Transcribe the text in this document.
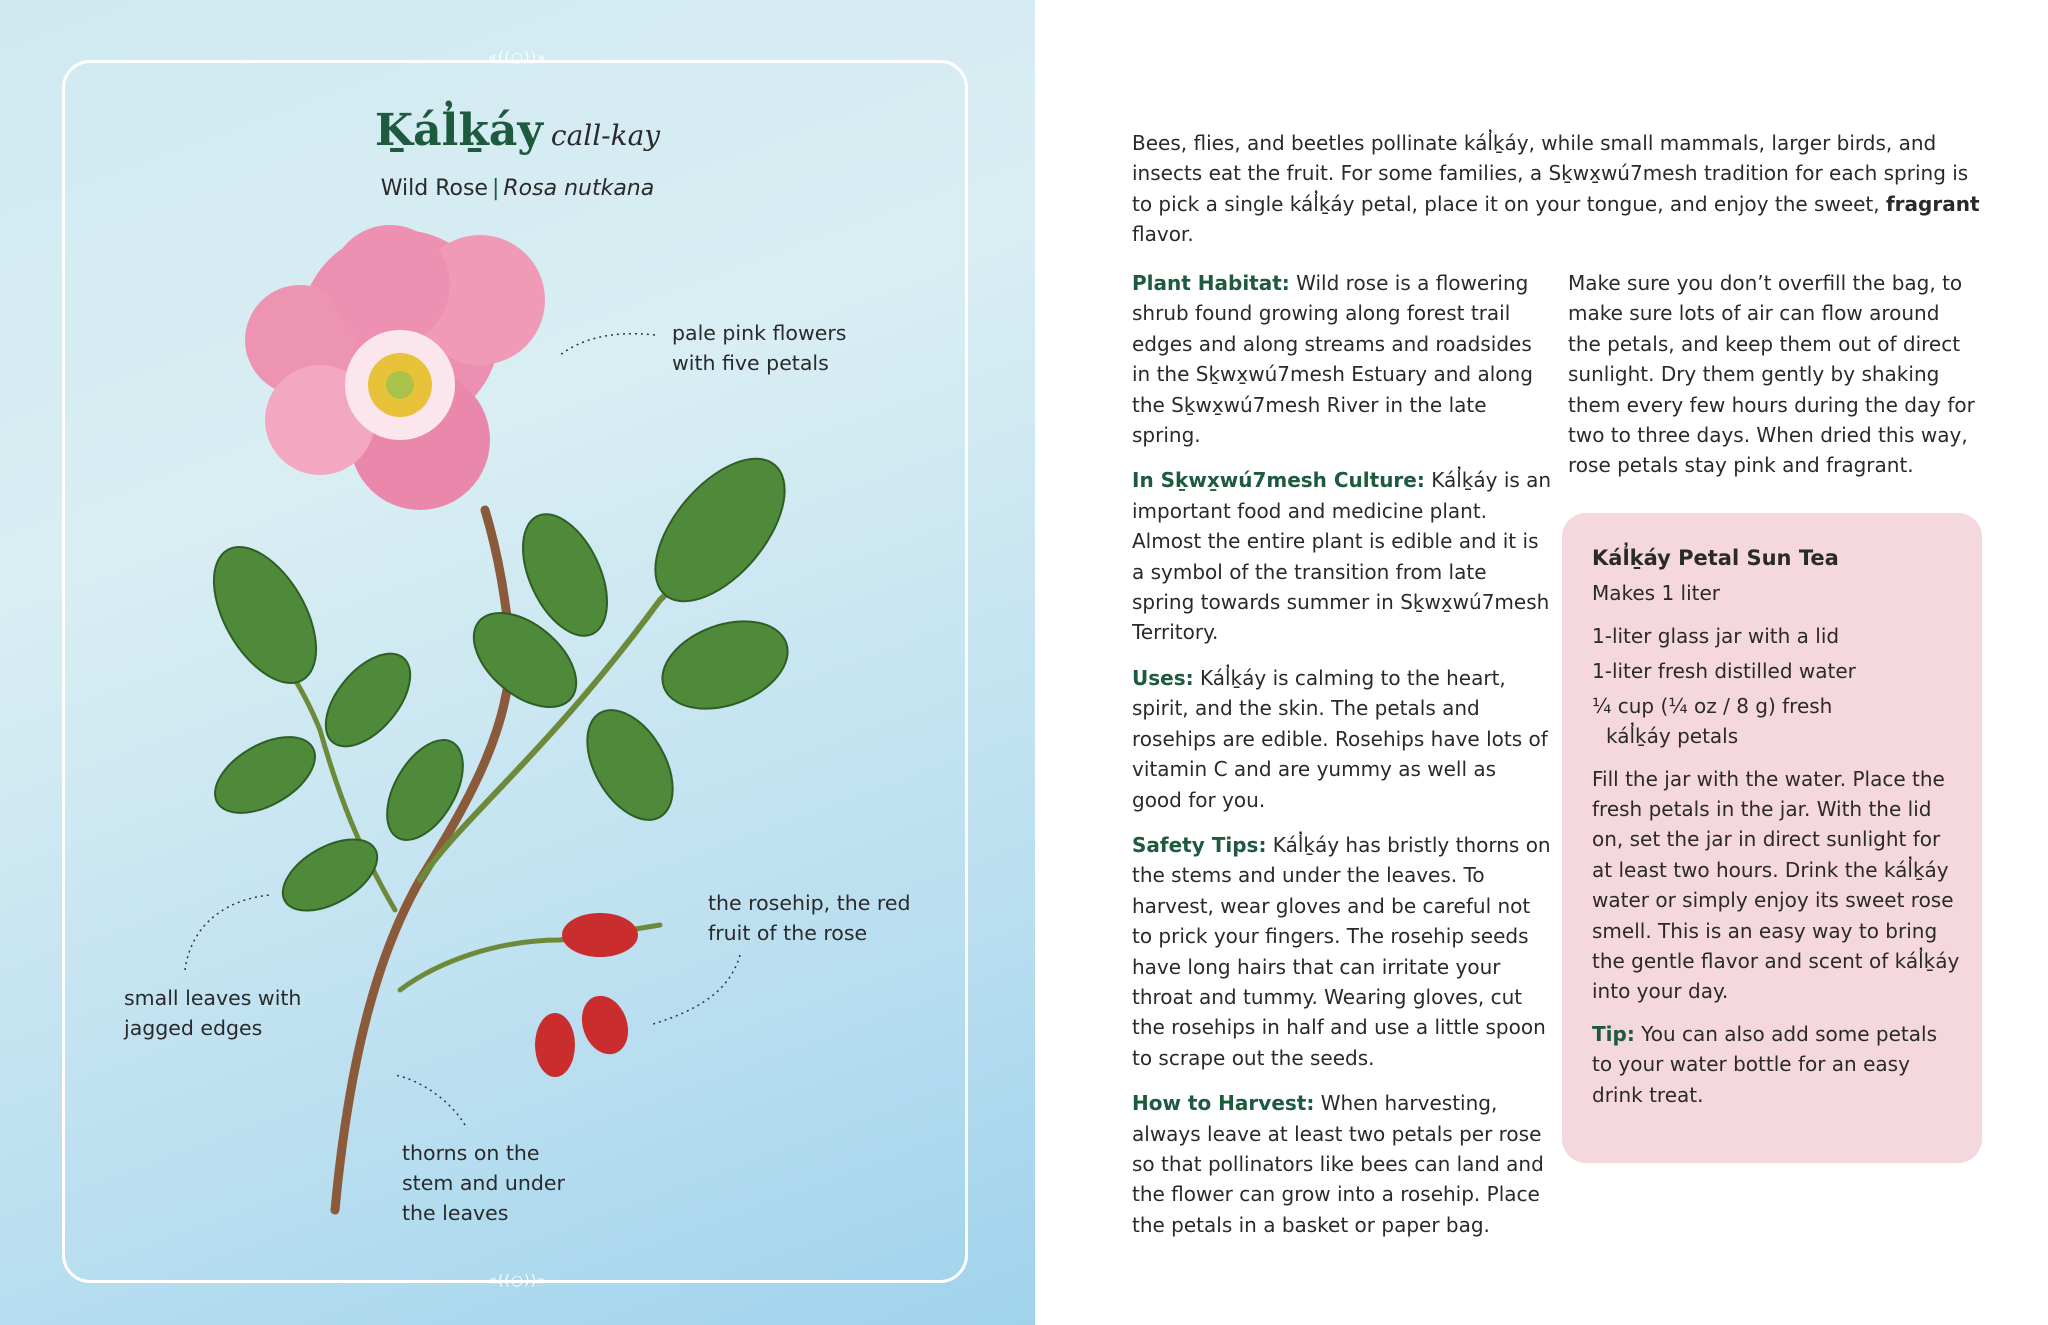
«((○))»
«((○))»
Ḵál̓ḵáy call-kay
Wild Rose | Rosa nutkana
pale pink flowers
with five petals
the rosehip, the red
fruit of the rose
small leaves with
jagged edges
thorns on the
stem and under
the leaves
Bees, flies, and beetles pollinate kál̓ḵáy, while small mammals, larger birds, and insects eat the fruit. For some families, a Sḵwx̱wú7mesh tradition for each spring is to pick a single kál̓ḵáy petal, place it on your tongue, and enjoy the sweet, fragrant flavor.

Plant Habitat: Wild rose is a flowering shrub found growing along forest trail edges and along streams and roadsides in the Sḵwx̱wú7mesh Estuary and along the Sḵwx̱wú7mesh River in the late spring.

In Sḵwx̱wú7mesh Culture: Kál̓ḵáy is an important food and medicine plant. Almost the entire plant is edible and it is a symbol of the transition from late spring towards summer in Sḵwx̱wú7mesh Territory.

Uses: Kál̓ḵáy is calming to the heart, spirit, and the skin. The petals and rosehips are edible. Rosehips have lots of vitamin C and are yummy as well as good for you.

Safety Tips: Kál̓ḵáy has bristly thorns on the stems and under the leaves. To harvest, wear gloves and be careful not to prick your fingers. The rosehip seeds have long hairs that can irritate your throat and tummy. Wearing gloves, cut the rosehips in half and use a little spoon to scrape out the seeds.

How to Harvest: When harvesting, always leave at least two petals per rose so that pollinators like bees can land and the flower can grow into a rosehip. Place the petals in a basket or paper bag.

Make sure you don’t overfill the bag, to make sure lots of air can flow around the petals, and keep them out of direct sunlight. Dry them gently by shaking them every few hours during the day for two to three days. When dried this way, rose petals stay pink and fragrant.

Kál̓ḵáy Petal Sun Tea

Makes 1 liter

1-liter glass jar with a lid
1-liter fresh distilled water
¼ cup (¼ oz / 8 g) fresh
kál̓ḵáy petals

Fill the jar with the water. Place the fresh petals in the jar. With the lid on, set the jar in direct sunlight for at least two hours. Drink the kál̓ḵáy water or simply enjoy its sweet rose smell. This is an easy way to bring the gentle flavor and scent of kál̓ḵáy into your day.

Tip: You can also add some petals to your water bottle for an easy drink treat.
